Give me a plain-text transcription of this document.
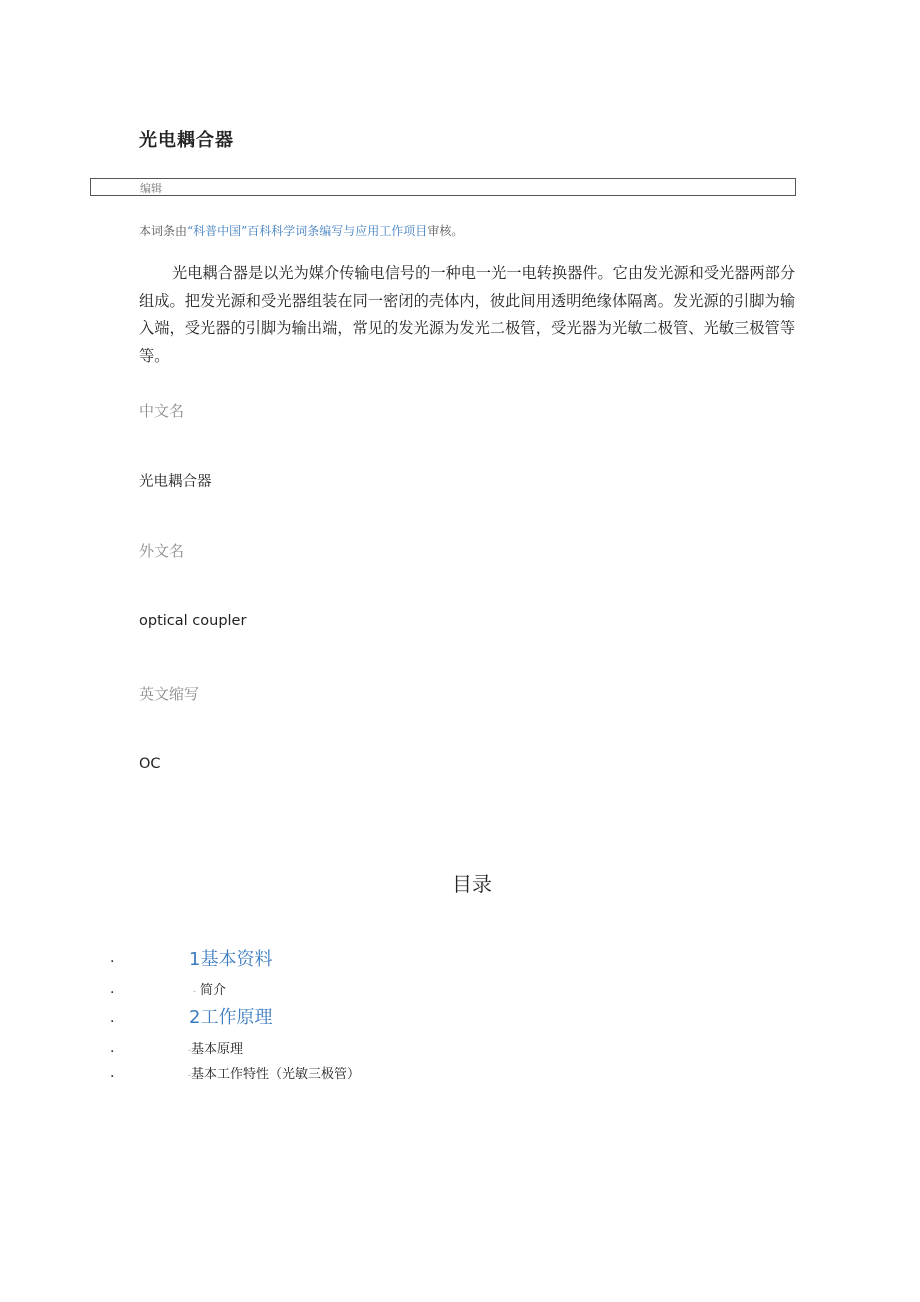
光电耦合器
编辑
本词条由“科普中国”百科科学词条编写与应用工作项目审核。
光电耦合器是以光为媒介传输电信号的一种电一光一电转换器件。它由发光源和受光器两部分组成。把发光源和受光器组装在同一密闭的壳体内，彼此间用透明绝缘体隔离。发光源的引脚为输入端，受光器的引脚为输出端，常见的发光源为发光二极管，受光器为光敏二极管、光敏三极管等等。
中文名
光电耦合器
外文名
optical coupler
英文缩写
OC
目录
.	1基本资料
.	- 简介
.	2工作原理
.	-基本原理
.	-基本工作特性（光敏三极管）
